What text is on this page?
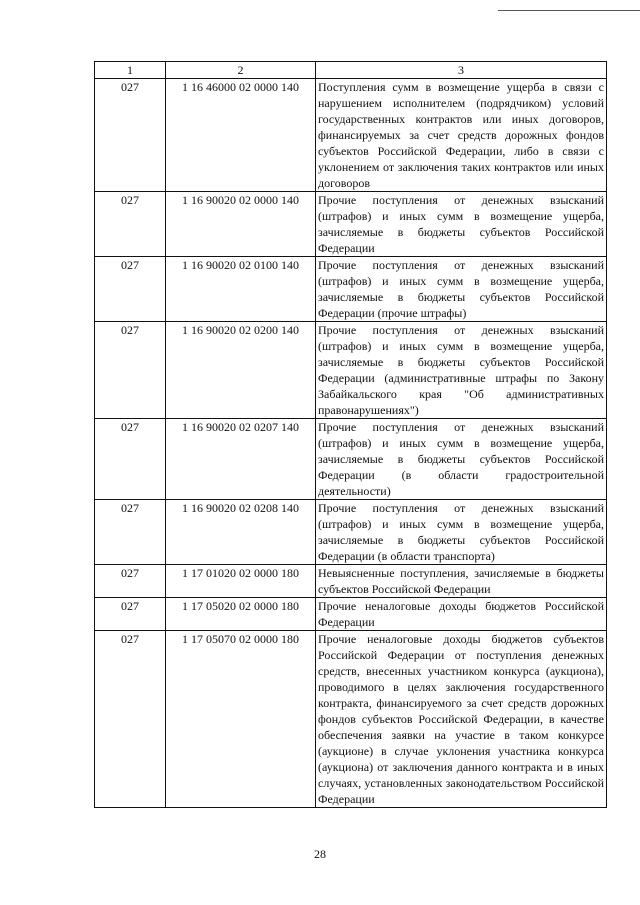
1	2	3
027	1 16 46000 02 0000 140	Поступления сумм в возмещение ущерба в связи с нарушением исполнителем (подрядчиком) условий государственных контрактов или иных договоров, финансируемых за счет средств дорожных фондов субъектов Российской Федерации, либо в связи с уклонением от заключения таких контрактов или иных договоров
027	1 16 90020 02 0000 140	Прочие поступления от денежных взысканий (штрафов) и иных сумм в возмещение ущерба, зачисляемые в бюджеты субъектов Российской Федерации
027	1 16 90020 02 0100 140	Прочие поступления от денежных взысканий (штрафов) и иных сумм в возмещение ущерба, зачисляемые в бюджеты субъектов Российской Федерации (прочие штрафы)
027	1 16 90020 02 0200 140	Прочие поступления от денежных взысканий (штрафов) и иных сумм в возмещение ущерба, зачисляемые в бюджеты субъектов Российской Федерации (административные штрафы по Закону Забайкальского края "Об административных правонарушениях")
027	1 16 90020 02 0207 140	Прочие поступления от денежных взысканий (штрафов) и иных сумм в возмещение ущерба, зачисляемые в бюджеты субъектов Российской Федерации (в области градостроительной деятельности)
027	1 16 90020 02 0208 140	Прочие поступления от денежных взысканий (штрафов) и иных сумм в возмещение ущерба, зачисляемые в бюджеты субъектов Российской Федерации (в области транспорта)
027	1 17 01020 02 0000 180	Невыясненные поступления, зачисляемые в бюджеты субъектов Российской Федерации
027	1 17 05020 02 0000 180	Прочие неналоговые доходы бюджетов Российской Федерации
027	1 17 05070 02 0000 180	Прочие неналоговые доходы бюджетов субъектов Российской Федерации от поступления денежных средств, внесенных участником конкурса (аукциона), проводимого в целях заключения государственного контракта, финансируемого за счет средств дорожных фондов субъектов Российской Федерации, в качестве обеспечения заявки на участие в таком конкурсе (аукционе) в случае уклонения участника конкурса (аукциона) от заключения данного контракта и в иных случаях, установленных законодательством Российской Федерации
28
